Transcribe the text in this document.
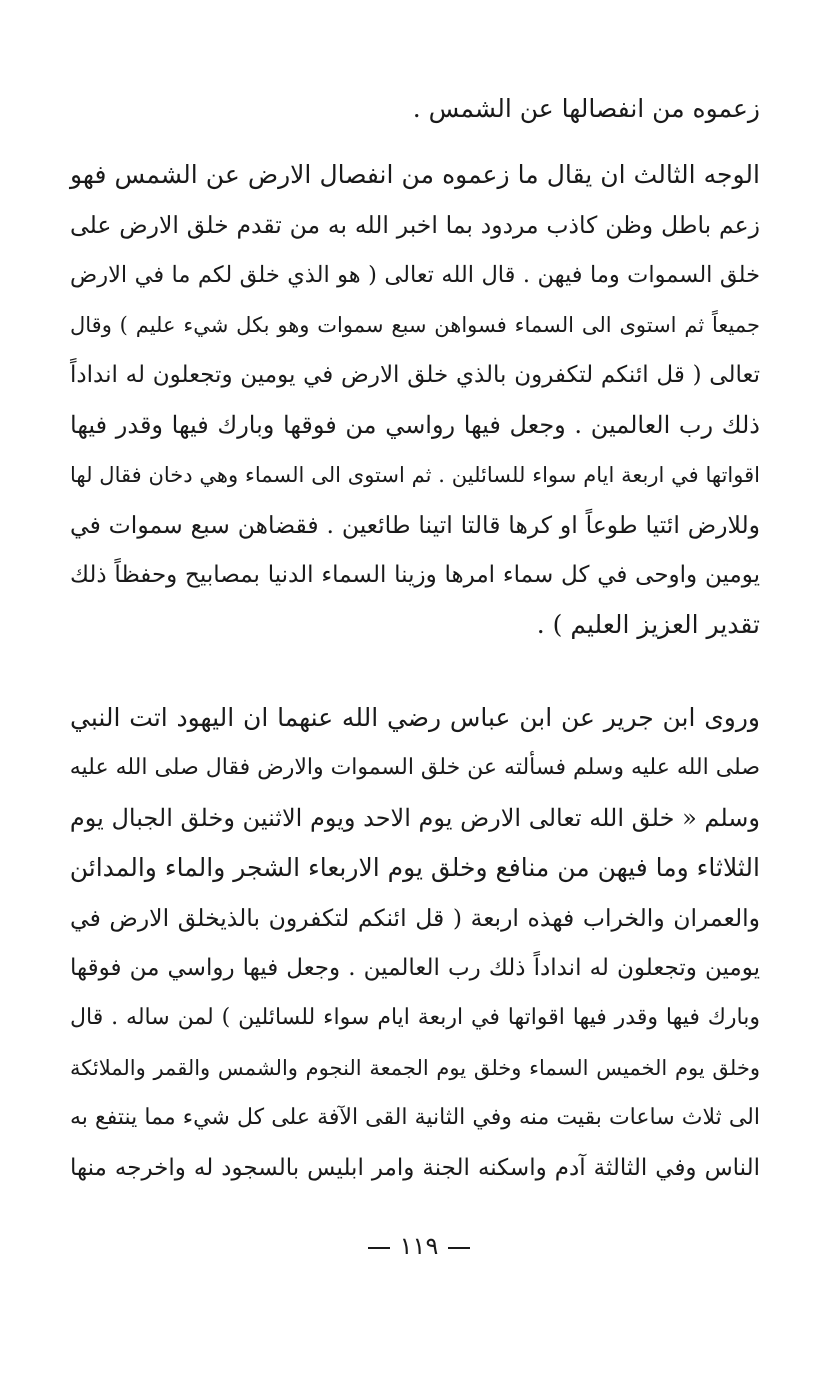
زعموه من انفصالها عن الشمس .
الوجه الثالث ان يقال ما زعموه من انفصال الارض عن الشمس فهو
زعم باطل وظن كاذب مردود بما اخبر الله به من تقدم خلق الارض على
خلق السموات وما فيهن . قال الله تعالى ( هو الذي خلق لكم ما في الارض
جميعاً ثم استوى الى السماء فسواهن سبع سموات وهو بكل شيء عليم ) وقال
تعالى ( قل ائنكم لتكفرون بالذي خلق الارض في يومين وتجعلون له انداداً
ذلك رب العالمين . وجعل فيها رواسي من فوقها وبارك فيها وقدر فيها
اقواتها في اربعة ايام سواء للسائلين . ثم استوى الى السماء وهي دخان فقال لها
وللارض ائتيا طوعاً او كرها قالتا اتينا طائعين . فقضاهن سبع سموات في
يومين واوحى في كل سماء امرها وزينا السماء الدنيا بمصابيح وحفظاً ذلك
تقدير العزيز العليم ) .
وروى ابن جرير عن ابن عباس رضي الله عنهما ان اليهود اتت النبي
صلى الله عليه وسلم فسألته عن خلق السموات والارض فقال صلى الله عليه
وسلم « خلق الله تعالى الارض يوم الاحد ويوم الاثنين وخلق الجبال يوم
الثلاثاء وما فيهن من منافع وخلق يوم الاربعاء الشجر والماء والمدائن
والعمران والخراب فهذه اربعة ( قل ائنكم لتكفرون بالذيخلق الارض في
يومين وتجعلون له انداداً ذلك رب العالمين . وجعل فيها رواسي من فوقها
وبارك فيها وقدر فيها اقواتها في اربعة ايام سواء للسائلين ) لمن ساله . قال
وخلق يوم الخميس السماء وخلق يوم الجمعة النجوم والشمس والقمر والملائكة
الى ثلاث ساعات بقيت منه وفي الثانية القى الآفة على كل شيء مما ينتفع به
الناس وفي الثالثة آدم واسكنه الجنة وامر ابليس بالسجود له واخرجه منها
١١٩
